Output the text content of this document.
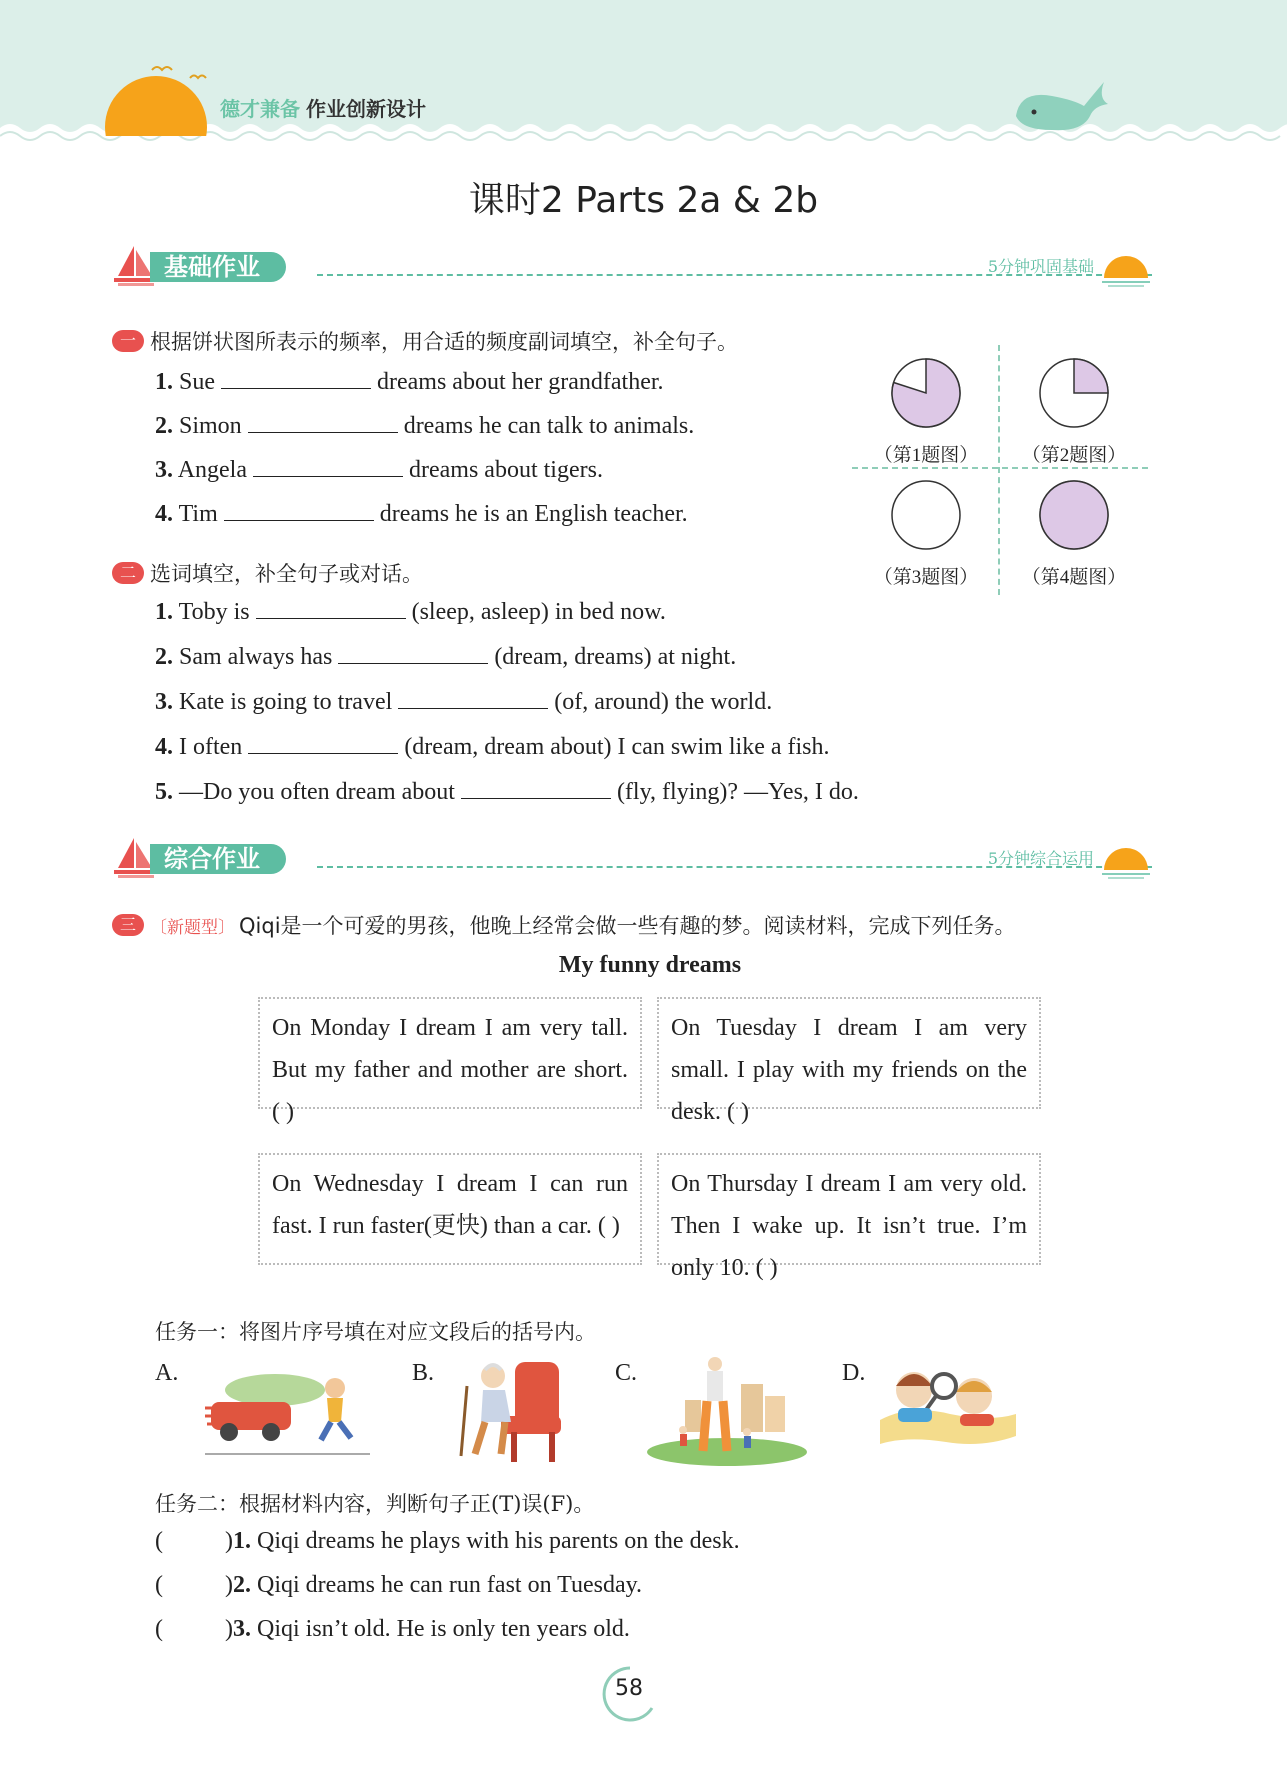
德才兼备 作业创新设计
课时2 Parts 2a & 2b
基础作业	5分钟巩固基础
一 根据饼状图所表示的频率，用合适的频度副词填空，补全句子。
1. Sue	dreams about her grandfather.
2. Simon	dreams he can talk to animals.
3. Angela	dreams about tigers.
4. Tim	dreams he is an English teacher.
（第1题图）	（第2题图）
（第3题图）	（第4题图）
二 选词填空，补全句子或对话。
1. Toby is	(sleep, asleep) in bed now.
2. Sam always has	(dream, dreams) at night.
3. Kate is going to travel	(of, around) the world.
4. I often	(dream, dream about) I can swim like a fish.
5. —Do you often dream about	(fly, flying)? —Yes, I do.
综合作业	5分钟综合运用
三 〔新题型〕 Qiqi是一个可爱的男孩，他晚上经常会做一些有趣的梦。阅读材料，完成下列任务。
My funny dreams
On Monday I dream I am very tall. But my father and mother are short. ( )
On Tuesday I dream I am very small. I play with my friends on the desk. ( )
On Wednesday I dream I can run fast. I run faster(更快) than a car. ( )
On Thursday I dream I am very old. Then I wake up. It isn’t true. I’m only 10. ( )
任务一：将图片序号填在对应文段后的括号内。
A.	B.	C.	D.
任务二：根据材料内容，判断句子正(T)误(F)。
(	)1. Qiqi dreams he plays with his parents on the desk.
(	)2. Qiqi dreams he can run fast on Tuesday.
(	)3. Qiqi isn’t old. He is only ten years old.
58
